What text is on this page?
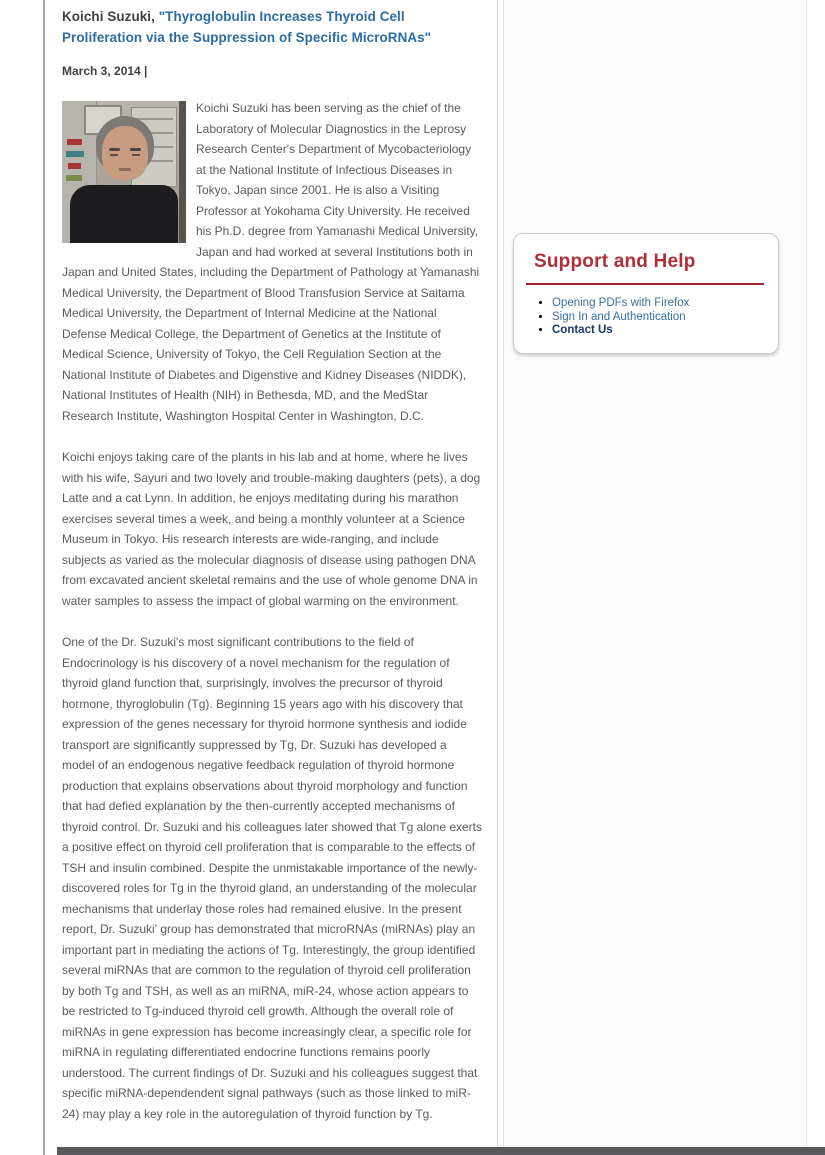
Koichi Suzuki, "Thyroglobulin Increases Thyroid Cell Proliferation via the Suppression of Specific MicroRNAs"
March 3, 2014 |

Koichi Suzuki has been serving as the chief of the Laboratory of Molecular Diagnostics in the Leprosy Research Center's Department of Mycobacteriology at the National Institute of Infectious Diseases in Tokyo, Japan since 2001. He is also a Visiting Professor at Yokohama City University. He received his Ph.D. degree from Yamanashi Medical University, Japan and had worked at several Institutions both in Japan and United States, including the Department of Pathology at Yamanashi Medical University, the Department of Blood Transfusion Service at Saitama Medical University, the Department of Internal Medicine at the National Defense Medical College, the Department of Genetics at the Institute of Medical Science, University of Tokyo, the Cell Regulation Section at the National Institute of Diabetes and Digenstive and Kidney Diseases (NIDDK), National Institutes of Health (NIH) in Bethesda, MD, and the MedStar Research Institute, Washington Hospital Center in Washington, D.C.

Koichi enjoys taking care of the plants in his lab and at home, where he lives with his wife, Sayuri and two lovely and trouble-making daughters (pets), a dog Latte and a cat Lynn. In addition, he enjoys meditating during his marathon exercises several times a week, and being a monthly volunteer at a Science Museum in Tokyo. His research interests are wide-ranging, and include subjects as varied as the molecular diagnosis of disease using pathogen DNA from excavated ancient skeletal remains and the use of whole genome DNA in water samples to assess the impact of global warming on the environment.

One of the Dr. Suzuki's most significant contributions to the field of Endocrinology is his discovery of a novel mechanism for the regulation of thyroid gland function that, surprisingly, involves the precursor of thyroid hormone, thyroglobulin (Tg). Beginning 15 years ago with his discovery that expression of the genes necessary for thyroid hormone synthesis and iodide transport are significantly suppressed by Tg, Dr. Suzuki has developed a model of an endogenous negative feedback regulation of thyroid hormone production that explains observations about thyroid morphology and function that had defied explanation by the then-currently accepted mechanisms of thyroid control. Dr. Suzuki and his colleagues later showed that Tg alone exerts a positive effect on thyroid cell proliferation that is comparable to the effects of TSH and insulin combined. Despite the unmistakable importance of the newly-discovered roles for Tg in the thyroid gland, an understanding of the molecular mechanisms that underlay those roles had remained elusive. In the present report, Dr. Suzuki' group has demonstrated that microRNAs (miRNAs) play an important part in mediating the actions of Tg. Interestingly, the group identified several miRNAs that are common to the regulation of thyroid cell proliferation by both Tg and TSH, as well as an miRNA, miR-24, whose action appears to be restricted to Tg-induced thyroid cell growth. Although the overall role of miRNAs in gene expression has become increasingly clear, a specific role for miRNA in regulating differentiated endocrine functions remains poorly understood. The current findings of Dr. Suzuki and his colleagues suggest that specific miRNA-dependendent signal pathways (such as those linked to miR-24) may play a key role in the autoregulation of thyroid function by Tg.

Support and Help
• Opening PDFs with Firefox
• Sign In and Authentication
• Contact Us
